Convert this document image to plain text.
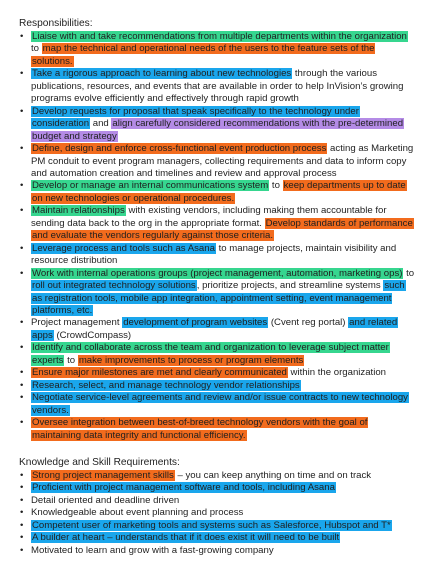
Responsibilities:
• Liaise with and take recommendations from multiple departments within the organization to map the technical and operational needs of the users to the feature sets of the solutions.
• Take a rigorous approach to learning about new technologies through the various publications, resources, and events that are available in order to help InVision’s growing programs evolve efficiently and effectively through rapid growth
• Develop requests for proposal that speak specifically to the technology under consideration and align carefully considered recommendations with the pre-determined budget and strategy
• Define, design and enforce cross-functional event production process acting as Marketing PM conduit to event program managers, collecting requirements and data to inform copy and automation creation and timelines and review and approval process
• Develop or manage an internal communications system to keep departments up to date on new technologies or operational procedures.
• Maintain relationships with existing vendors, including making them accountable for sending data back to the org in the appropriate format. Develop standards of performance and evaluate the vendors regularly against those criteria.
• Leverage process and tools such as Asana to manage projects, maintain visibility and resource distribution
• Work with internal operations groups (project management, automation, marketing ops) to roll out integrated technology solutions, prioritize projects, and streamline systems such as registration tools, mobile app integration, appointment setting, event management platforms, etc.
• Project management development of program websites (Cvent reg portal) and related apps (CrowdCompass)
• Identify and collaborate across the team and organization to leverage subject matter experts to make improvements to process or program elements
• Ensure major milestones are met and clearly communicated within the organization
• Research, select, and manage technology vendor relationships
• Negotiate service-level agreements and review and/or issue contracts to new technology vendors.
• Oversee integration between best-of-breed technology vendors with the goal of maintaining data integrity and functional efficiency.
Knowledge and Skill Requirements:
• Strong project management skills – you can keep anything on time and on track
• Proficient with project management software and tools, including Asana
• Detail oriented and deadline driven
• Knowledgeable about event planning and process
• Competent user of marketing tools and systems such as Salesforce, Hubspot and T*
• A builder at heart – understands that if it does exist it will need to be built
• Motivated to learn and grow with a fast-growing company
